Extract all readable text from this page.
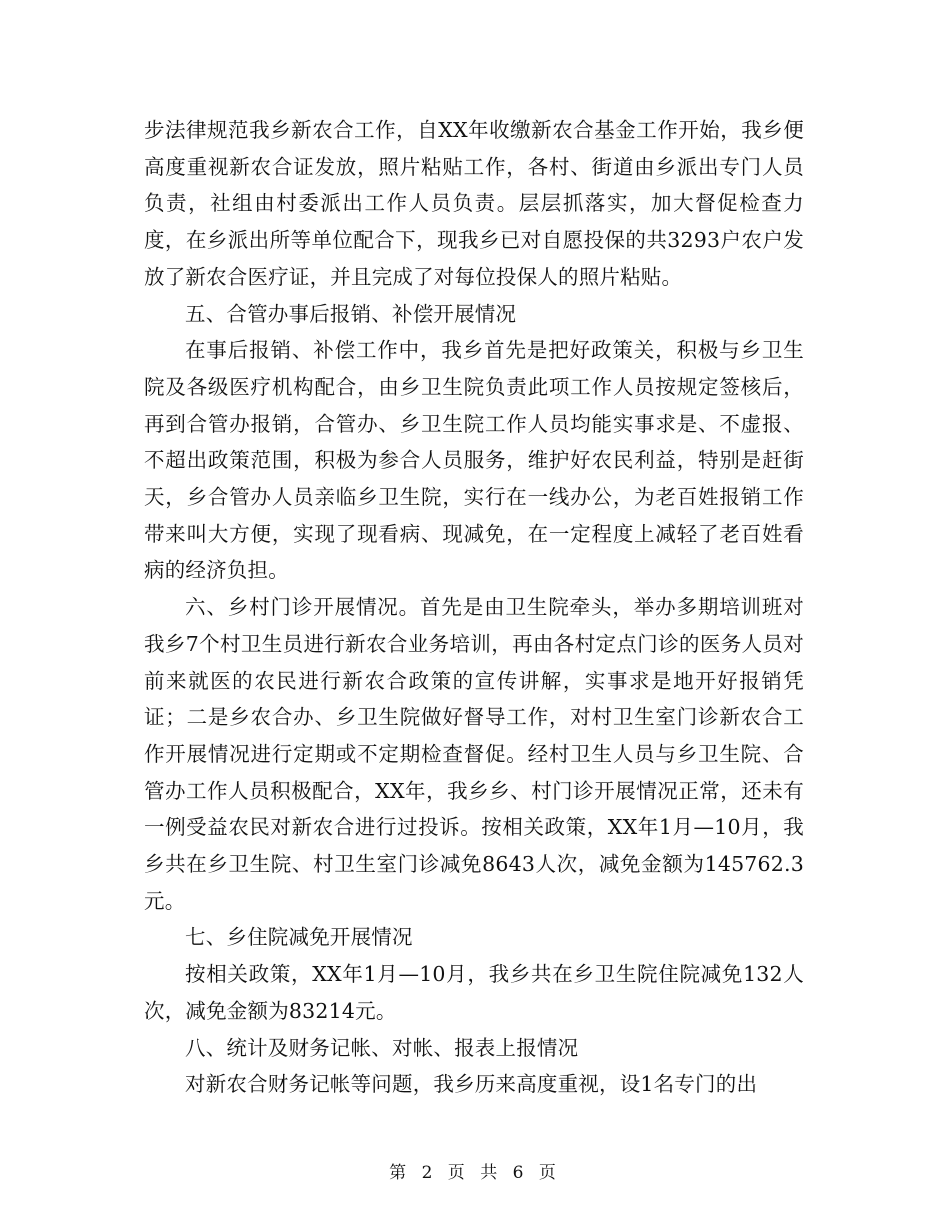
步法律规范我乡新农合工作，自XX年收缴新农合基金工作开始，我乡便高度重视新农合证发放，照片粘贴工作，各村、街道由乡派出专门人员负责，社组由村委派出工作人员负责。层层抓落实，加大督促检查力度，在乡派出所等单位配合下，现我乡已对自愿投保的共3293户农户发放了新农合医疗证，并且完成了对每位投保人的照片粘贴。

五、合管办事后报销、补偿开展情况

在事后报销、补偿工作中，我乡首先是把好政策关，积极与乡卫生院及各级医疗机构配合，由乡卫生院负责此项工作人员按规定签核后，再到合管办报销，合管办、乡卫生院工作人员均能实事求是、不虚报、不超出政策范围，积极为参合人员服务，维护好农民利益，特别是赶街天，乡合管办人员亲临乡卫生院，实行在一线办公，为老百姓报销工作带来叫大方便，实现了现看病、现减免，在一定程度上减轻了老百姓看病的经济负担。

六、乡村门诊开展情况。首先是由卫生院牵头，举办多期培训班对我乡7个村卫生员进行新农合业务培训，再由各村定点门诊的医务人员对前来就医的农民进行新农合政策的宣传讲解，实事求是地开好报销凭证；二是乡农合办、乡卫生院做好督导工作，对村卫生室门诊新农合工作开展情况进行定期或不定期检查督促。经村卫生人员与乡卫生院、合管办工作人员积极配合，XX年，我乡乡、村门诊开展情况正常，还未有一例受益农民对新农合进行过投诉。按相关政策，XX年1月—10月，我乡共在乡卫生院、村卫生室门诊减免8643人次，减免金额为145762.3元。

七、乡住院减免开展情况

按相关政策，XX年1月—10月，我乡共在乡卫生院住院减免132人次，减免金额为83214元。

八、统计及财务记帐、对帐、报表上报情况

对新农合财务记帐等问题，我乡历来高度重视，设1名专门的出

第 2 页 共 6 页
